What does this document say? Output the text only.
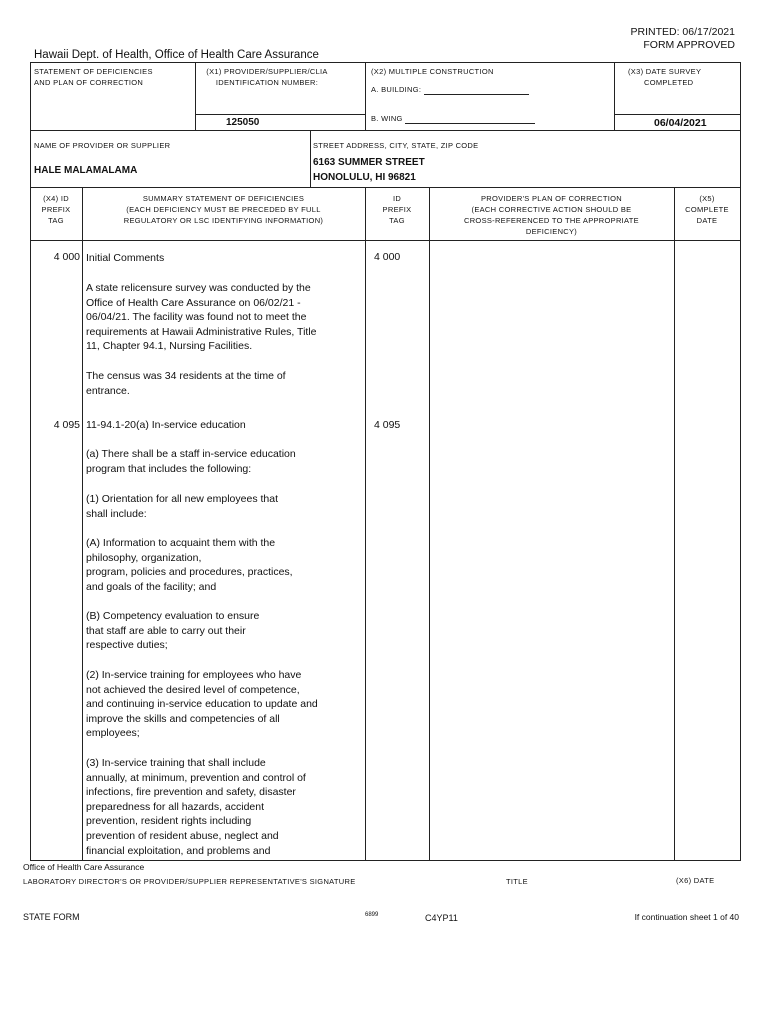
PRINTED: 06/17/2021
FORM APPROVED
Hawaii Dept. of Health, Office of Health Care Assurance
STATEMENT OF DEFICIENCIES
AND PLAN OF CORRECTION
(X1) PROVIDER/SUPPLIER/CLIA
IDENTIFICATION NUMBER:
125050
(X2) MULTIPLE CONSTRUCTION
A. BUILDING:
B. WING
(X3) DATE SURVEY
COMPLETED
06/04/2021
NAME OF PROVIDER OR SUPPLIER
HALE MALAMALAMA
STREET ADDRESS, CITY, STATE, ZIP CODE
6163 SUMMER STREET
HONOLULU, HI 96821
(X4) ID
PREFIX
TAG
SUMMARY STATEMENT OF DEFICIENCIES
(EACH DEFICIENCY MUST BE PRECEDED BY FULL
REGULATORY OR LSC IDENTIFYING INFORMATION)
ID
PREFIX
TAG
PROVIDER'S PLAN OF CORRECTION
(EACH CORRECTIVE ACTION SHOULD BE
CROSS-REFERENCED TO THE APPROPRIATE
DEFICIENCY)
(X5)
COMPLETE
DATE
4 000	4 000
Initial Comments
A state relicensure survey was conducted by the
Office of Health Care Assurance on 06/02/21 -
06/04/21. The facility was found not to meet the
requirements at Hawaii Administrative Rules, Title
11, Chapter 94.1, Nursing Facilities.
The census was 34 residents at the time of
entrance.
4 095	4 095
11-94.1-20(a) In-service education
(a) There shall be a staff in-service education
program that includes the following:
(1) Orientation for all new employees that
shall include:
(A) Information to acquaint them with the
philosophy, organization,
program, policies and procedures, practices,
and goals of the facility; and
(B) Competency evaluation to ensure
that staff are able to carry out their
respective duties;
(2) In-service training for employees who have
not achieved the desired level of competence,
and continuing in-service education to update and
improve the skills and competencies of all
employees;
(3) In-service training that shall include
annually, at minimum, prevention and control of
infections, fire prevention and safety, disaster
preparedness for all hazards, accident
prevention, resident rights including
prevention of resident abuse, neglect and
financial exploitation, and problems and
Office of Health Care Assurance
LABORATORY DIRECTOR'S OR PROVIDER/SUPPLIER REPRESENTATIVE'S SIGNATURE	TITLE	(X6) DATE
STATE FORM	6899	C4YP11	If continuation sheet 1 of 40
